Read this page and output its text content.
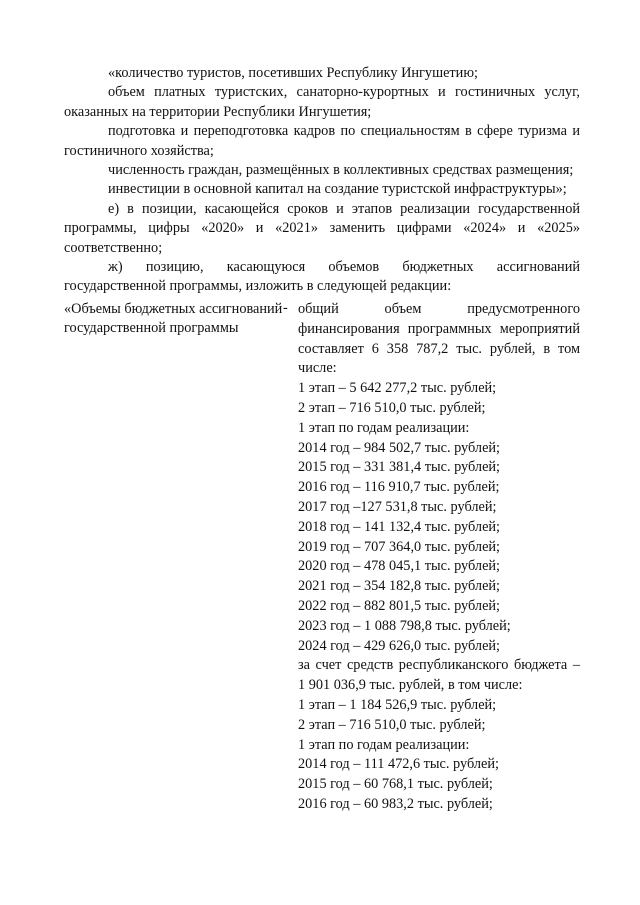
«количество туристов, посетивших Республику Ингушетию;

объем платных туристских, санаторно-курортных и гостиничных услуг, оказанных на территории Республики Ингушетия;

подготовка и переподготовка кадров по специальностям в сфере туризма и гостиничного хозяйства;

численность граждан, размещённых в коллективных средствах размещения;

инвестиции в основной капитал на создание туристской инфраструктуры»;

е) в позиции, касающейся сроков и этапов реализации государственной программы, цифры «2020» и «2021» заменить цифрами «2024» и «2025» соответственно;

ж) позицию, касающуюся объемов бюджетных ассигнований государственной программы, изложить в следующей редакции:

«Объемы бюджетных ассигнований государственной программы
- общий объем предусмотренного финансирования программных мероприятий составляет 6 358 787,2 тыс. рублей, в том числе:

1 этап – 5 642 277,2 тыс. рублей;

2 этап – 716 510,0 тыс. рублей;

1 этап по годам реализации:

2014 год – 984 502,7 тыс. рублей;

2015 год – 331 381,4 тыс. рублей;

2016 год – 116 910,7 тыс. рублей;

2017 год –127 531,8 тыс. рублей;

2018 год – 141 132,4 тыс. рублей;

2019 год – 707 364,0 тыс. рублей;

2020 год – 478 045,1 тыс. рублей;

2021 год – 354 182,8 тыс. рублей;

2022 год – 882 801,5 тыс. рублей;

2023 год – 1 088 798,8 тыс. рублей;

2024 год – 429 626,0 тыс. рублей;

за счет средств республиканского бюджета – 1 901 036,9 тыс. рублей, в том числе:

1 этап – 1 184 526,9 тыс. рублей;

2 этап – 716 510,0 тыс. рублей;

1 этап по годам реализации:

2014 год – 111 472,6 тыс. рублей;

2015 год – 60 768,1 тыс. рублей;

2016 год – 60 983,2 тыс. рублей;
